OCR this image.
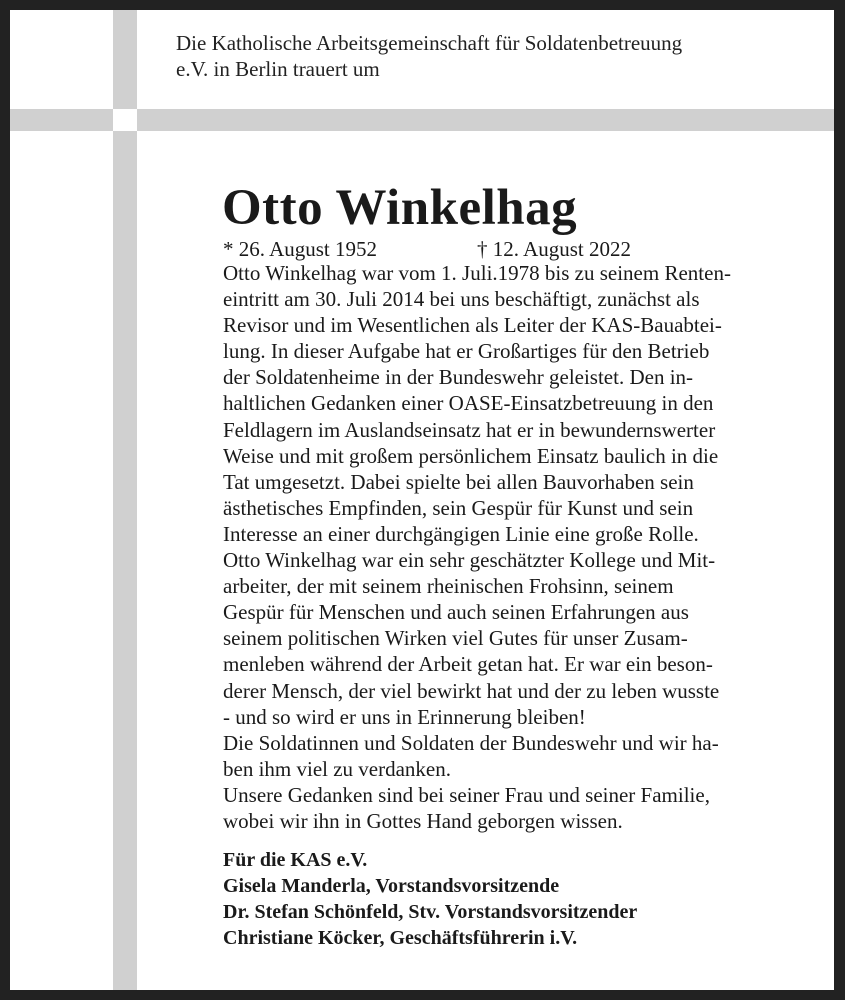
Die Katholische Arbeitsgemeinschaft für Soldatenbetreuung

e.V. in Berlin trauert um

Otto Winkelhag
* 26. August 1952	† 12. August 2022
Otto Winkelhag war vom 1. Juli.1978 bis zu seinem Renten-
eintritt am 30. Juli 2014 bei uns beschäftigt, zunächst als
Revisor und im Wesentlichen als Leiter der KAS-Bauabtei-
lung. In dieser Aufgabe hat er Großartiges für den Betrieb
der Soldatenheime in der Bundeswehr geleistet. Den in-
haltlichen Gedanken einer OASE-Einsatzbetreuung in den
Feldlagern im Auslandseinsatz hat er in bewundernswerter
Weise und mit großem persönlichem Einsatz baulich in die
Tat umgesetzt. Dabei spielte bei allen Bauvorhaben sein
ästhetisches Empfinden, sein Gespür für Kunst und sein
Interesse an einer durchgängigen Linie eine große Rolle.
Otto Winkelhag war ein sehr geschätzter Kollege und Mit-
arbeiter, der mit seinem rheinischen Frohsinn, seinem
Gespür für Menschen und auch seinen Erfahrungen aus
seinem politischen Wirken viel Gutes für unser Zusam-
menleben während der Arbeit getan hat. Er war ein beson-
derer Mensch, der viel bewirkt hat und der zu leben wusste
- und so wird er uns in Erinnerung bleiben!
Die Soldatinnen und Soldaten der Bundeswehr und wir ha-
ben ihm viel zu verdanken.
Unsere Gedanken sind bei seiner Frau und seiner Familie,
wobei wir ihn in Gottes Hand geborgen wissen.
Für die KAS e.V.
Gisela Manderla, Vorstandsvorsitzende
Dr. Stefan Schönfeld, Stv. Vorstandsvorsitzender
Christiane Köcker, Geschäftsführerin i.V.
